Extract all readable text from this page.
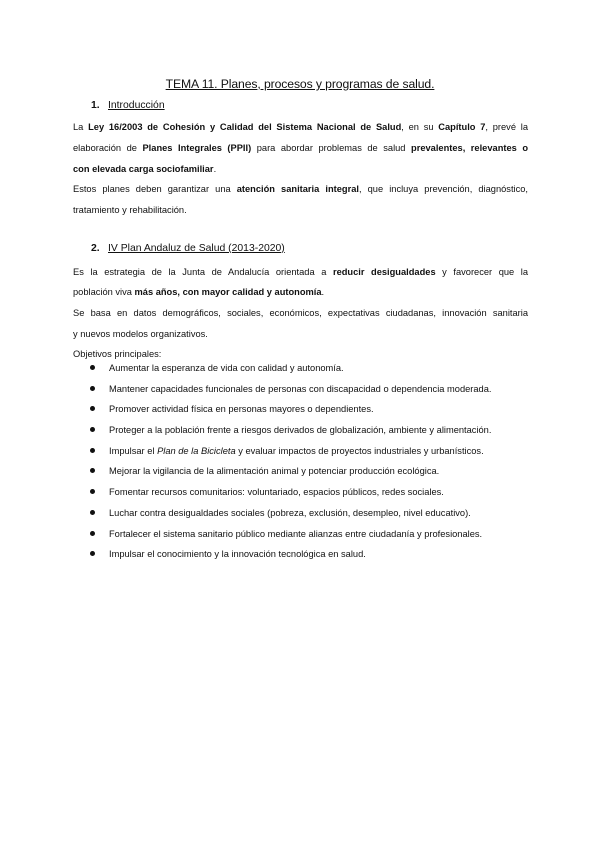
TEMA 11. Planes, procesos y programas de salud.
1. Introducción

La Ley 16/2003 de Cohesión y Calidad del Sistema Nacional de Salud, en su Capítulo 7, prevé la

elaboración de Planes Integrales (PPII) para abordar problemas de salud prevalentes, relevantes o

con elevada carga sociofamiliar.

Estos planes deben garantizar una atención sanitaria integral, que incluya prevención, diagnóstico,

tratamiento y rehabilitación.

2. IV Plan Andaluz de Salud (2013-2020)

Es la estrategia de la Junta de Andalucía orientada a reducir desigualdades y favorecer que la

población viva más años, con mayor calidad y autonomía.

Se basa en datos demográficos, sociales, económicos, expectativas ciudadanas, innovación sanitaria

y nuevos modelos organizativos.

Objetivos principales:

Aumentar la esperanza de vida con calidad y autonomía.
Mantener capacidades funcionales de personas con discapacidad o dependencia moderada.
Promover actividad física en personas mayores o dependientes.
Proteger a la población frente a riesgos derivados de globalización, ambiente y alimentación.
Impulsar el Plan de la Bicicleta y evaluar impactos de proyectos industriales y urbanísticos.
Mejorar la vigilancia de la alimentación animal y potenciar producción ecológica.
Fomentar recursos comunitarios: voluntariado, espacios públicos, redes sociales.
Luchar contra desigualdades sociales (pobreza, exclusión, desempleo, nivel educativo).
Fortalecer el sistema sanitario público mediante alianzas entre ciudadanía y profesionales.
Impulsar el conocimiento y la innovación tecnológica en salud.
